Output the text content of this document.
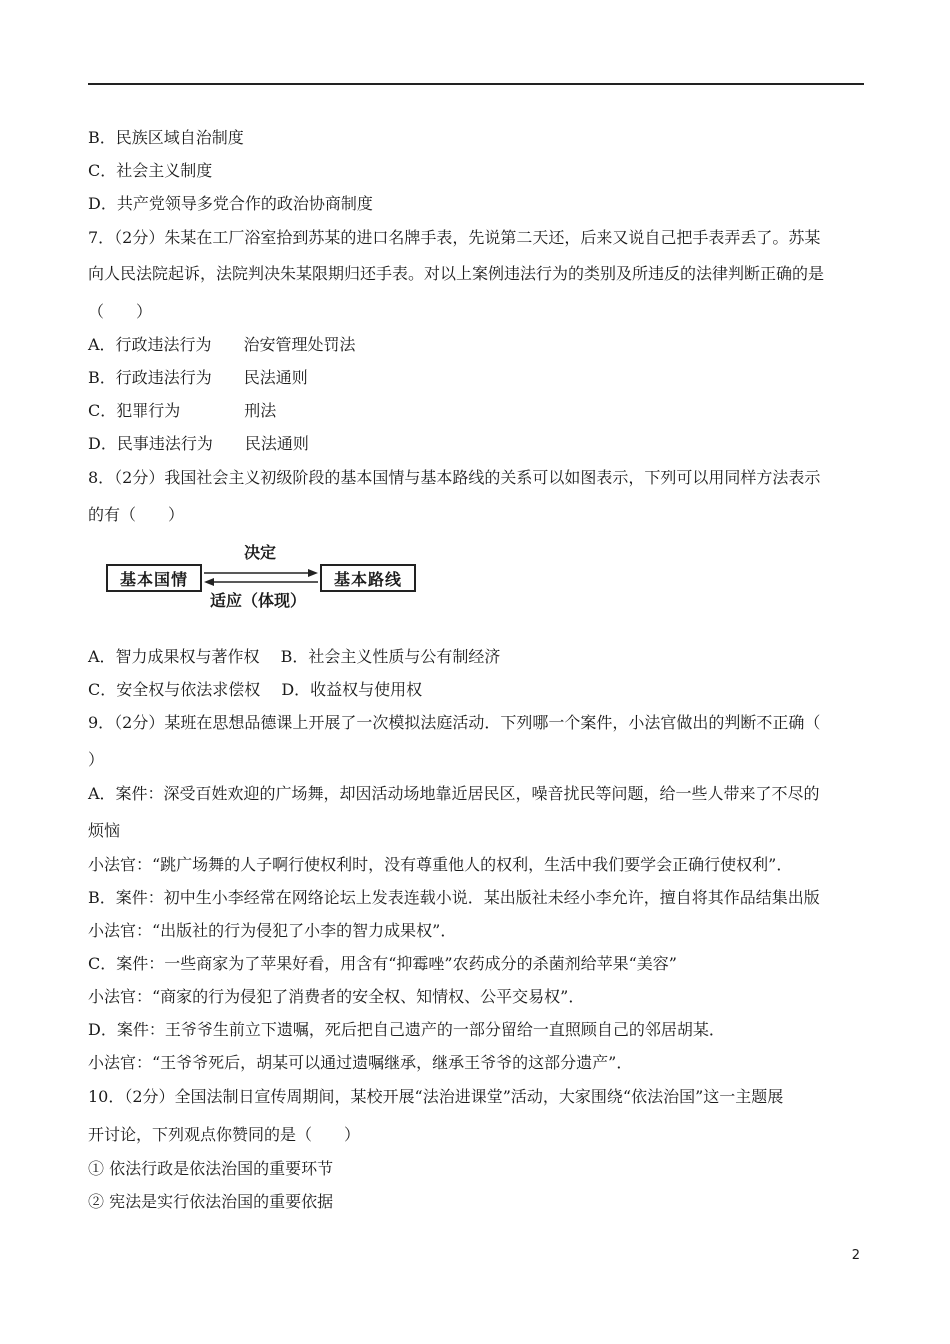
B．民族区域自治制度
C．社会主义制度
D．共产党领导多党合作的政治协商制度
7．（2分）朱某在工厂浴室拾到苏某的进口名牌手表，先说第二天还，后来又说自己把手表弄丢了。苏某
向人民法院起诉，法院判决朱某限期归还手表。对以上案例违法行为的类别及所违反的法律判断正确的是
（　　）
A．行政违法行为　　治安管理处罚法
B．行政违法行为　　民法通则
C．犯罪行为　　　　刑法
D．民事违法行为　　民法通则
8．（2分）我国社会主义初级阶段的基本国情与基本路线的关系可以如图表示，下列可以用同样方法表示
的有（　　）
基本国情	基本路线
决定
适应（体现）
A．智力成果权与著作权　 B．社会主义性质与公有制经济
C．安全权与依法求偿权　 D．收益权与使用权
9．（2分）某班在思想品德课上开展了一次模拟法庭活动．下列哪一个案件，小法官做出的判断不正确（
）
A．案件：深受百姓欢迎的广场舞，却因活动场地靠近居民区，噪音扰民等问题，给一些人带来了不尽的
烦恼
小法官：“跳广场舞的人子啊行使权利时，没有尊重他人的权利，生活中我们要学会正确行使权利”．
B．案件：初中生小李经常在网络论坛上发表连载小说．某出版社未经小李允许，擅自将其作品结集出版
小法官：“出版社的行为侵犯了小李的智力成果权”．
C．案件：一些商家为了苹果好看，用含有“抑霉唑”农药成分的杀菌剂给苹果“美容”
小法官：“商家的行为侵犯了消费者的安全权、知情权、公平交易权”．
D．案件：王爷爷生前立下遗嘱，死后把自己遗产的一部分留给一直照顾自己的邻居胡某．
小法官：“王爷爷死后，胡某可以通过遗嘱继承，继承王爷爷的这部分遗产”．
10．（2分）全国法制日宣传周期间，某校开展“法治进课堂”活动，大家围绕“依法治国”这一主题展
开讨论，下列观点你赞同的是（　　）
① 依法行政是依法治国的重要环节
② 宪法是实行依法治国的重要依据
2
